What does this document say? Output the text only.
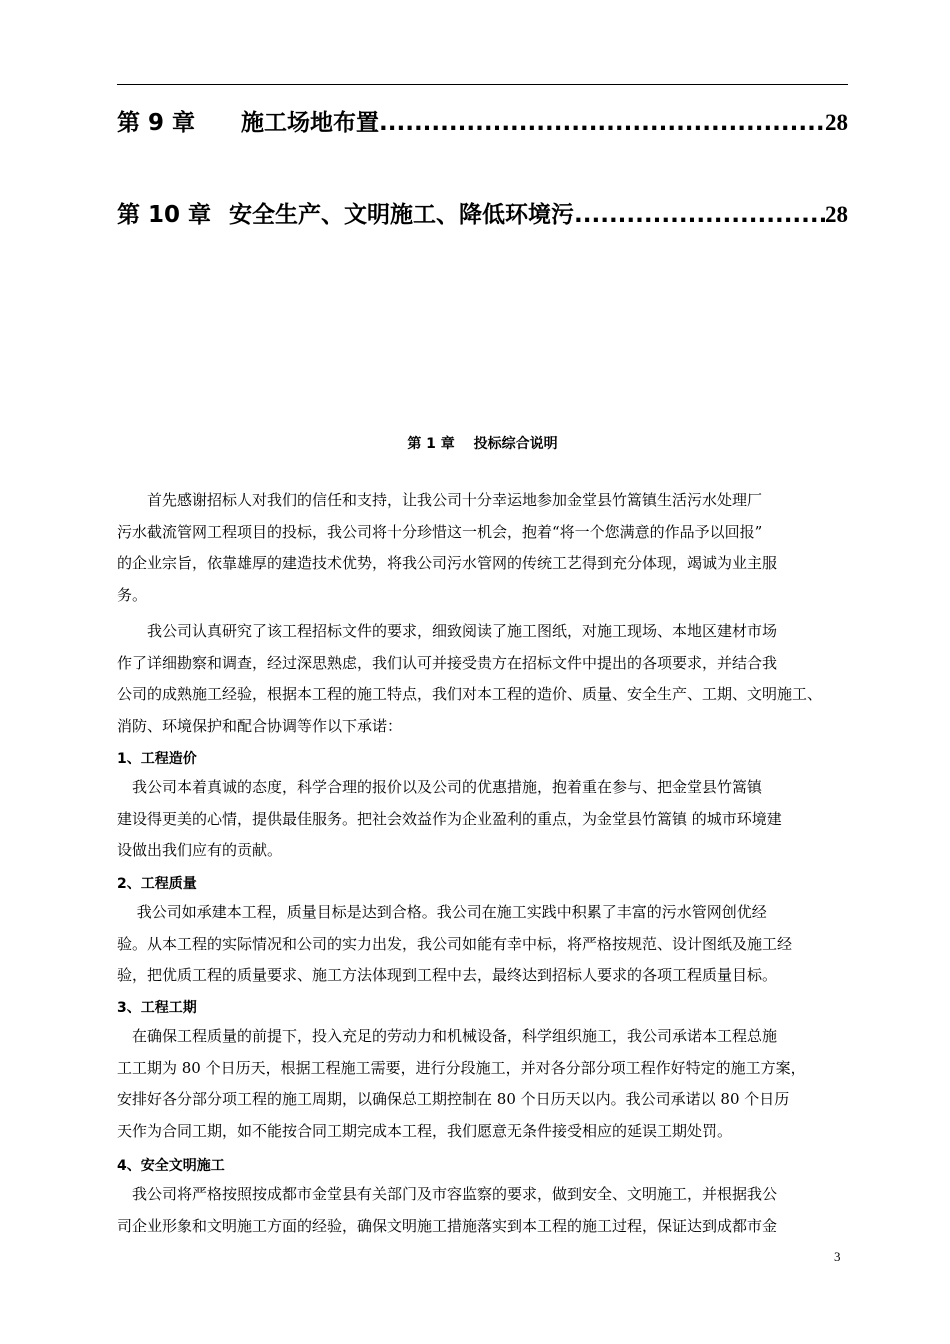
第 9 章	施工场地布置 .....	28
第 10 章 安全生产、文明施工、降低环境污 .....	28
第 1 章　 投标综合说明

　　首先感谢招标人对我们的信任和支持，让我公司十分幸运地参加金堂县竹篙镇生活污水处理厂
污水截流管网工程项目的投标，我公司将十分珍惜这一机会，抱着“将一个您满意的作品予以回报”
的企业宗旨，依靠雄厚的建造技术优势，将我公司污水管网的传统工艺得到充分体现，竭诚为业主服
务。

　　我公司认真研究了该工程招标文件的要求，细致阅读了施工图纸，对施工现场、本地区建材市场
作了详细勘察和调查，经过深思熟虑，我们认可并接受贵方在招标文件中提出的各项要求，并结合我
公司的成熟施工经验，根据本工程的施工特点，我们对本工程的造价、质量、安全生产、工期、文明施工、
消防、环境保护和配合协调等作以下承诺：

1、工程造价

　我公司本着真诚的态度，科学合理的报价以及公司的优惠措施，抱着重在参与、把金堂县竹篙镇
建设得更美的心情，提供最佳服务。把社会效益作为企业盈利的重点，为金堂县竹篙镇 的城市环境建
设做出我们应有的贡献。

2、工程质量

　 我公司如承建本工程，质量目标是达到合格。我公司在施工实践中积累了丰富的污水管网创优经
验。从本工程的实际情况和公司的实力出发，我公司如能有幸中标，将严格按规范、设计图纸及施工经
验，把优质工程的质量要求、施工方法体现到工程中去，最终达到招标人要求的各项工程质量目标。

3、工程工期

　在确保工程质量的前提下，投入充足的劳动力和机械设备，科学组织施工，我公司承诺本工程总施
工工期为 80 个日历天，根据工程施工需要，进行分段施工，并对各分部分项工程作好特定的施工方案，
安排好各分部分项工程的施工周期，以确保总工期控制在 80 个日历天以内。我公司承诺以 80 个日历
天作为合同工期，如不能按合同工期完成本工程，我们愿意无条件接受相应的延误工期处罚。

4、安全文明施工

　我公司将严格按照按成都市金堂县有关部门及市容监察的要求，做到安全、文明施工，并根据我公
司企业形象和文明施工方面的经验，确保文明施工措施落实到本工程的施工过程，保证达到成都市金

3
